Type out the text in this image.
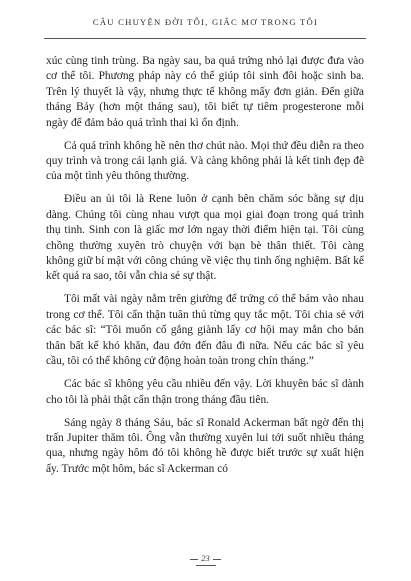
CÂU CHUYỆN ĐỜI TÔI, GIẤC MƠ TRONG TÔI

xúc cùng tinh trùng. Ba ngày sau, ba quả trứng nhỏ lại được đưa vào cơ thể tôi. Phương pháp này có thể giúp tôi sinh đôi hoặc sinh ba. Trên lý thuyết là vậy, nhưng thực tế không mấy đơn giản. Đến giữa tháng Bảy (hơn một tháng sau), tôi biết tự tiêm progesterone mỗi ngày để đảm bảo quá trình thai kì ổn định.

Cả quá trình không hề nên thơ chút nào. Mọi thứ đều diễn ra theo quy trình và trong cái lạnh giá. Và càng không phải là kết tinh đẹp đẽ của một tình yêu thông thường.

Điều an ủi tôi là Rene luôn ở cạnh bên chăm sóc bằng sự dịu dàng. Chúng tôi cùng nhau vượt qua mọi giai đoạn trong quá trình thụ tinh. Sinh con là giấc mơ lớn ngay thời điểm hiện tại. Tôi cùng chồng thường xuyên trò chuyện với bạn bè thân thiết. Tôi càng không giữ bí mật với công chúng về việc thụ tinh ống nghiệm. Bất kể kết quả ra sao, tôi vẫn chia sẻ sự thật.

Tôi mất vài ngày nằm trên giường để trứng có thể bám vào nhau trong cơ thể. Tôi cẩn thận tuân thủ từng quy tắc một. Tôi chia sẻ với các bác sĩ: “Tôi muốn cố gắng giành lấy cơ hội may mắn cho bản thân bất kể khó khăn, đau đớn đến đâu đi nữa. Nếu các bác sĩ yêu cầu, tôi có thể không cử động hoàn toàn trong chín tháng.”

Các bác sĩ không yêu cầu nhiều đến vậy. Lời khuyên bác sĩ dành cho tôi là phải thật cẩn thận trong tháng đầu tiên.

Sáng ngày 8 tháng Sáu, bác sĩ Ronald Ackerman bất ngờ đến thị trấn Jupiter thăm tôi. Ông vẫn thường xuyên lui tới suốt nhiều tháng qua, nhưng ngày hôm đó tôi không hề được biết trước sự xuất hiện ấy. Trước một hôm, bác sĩ Ackerman có

23
